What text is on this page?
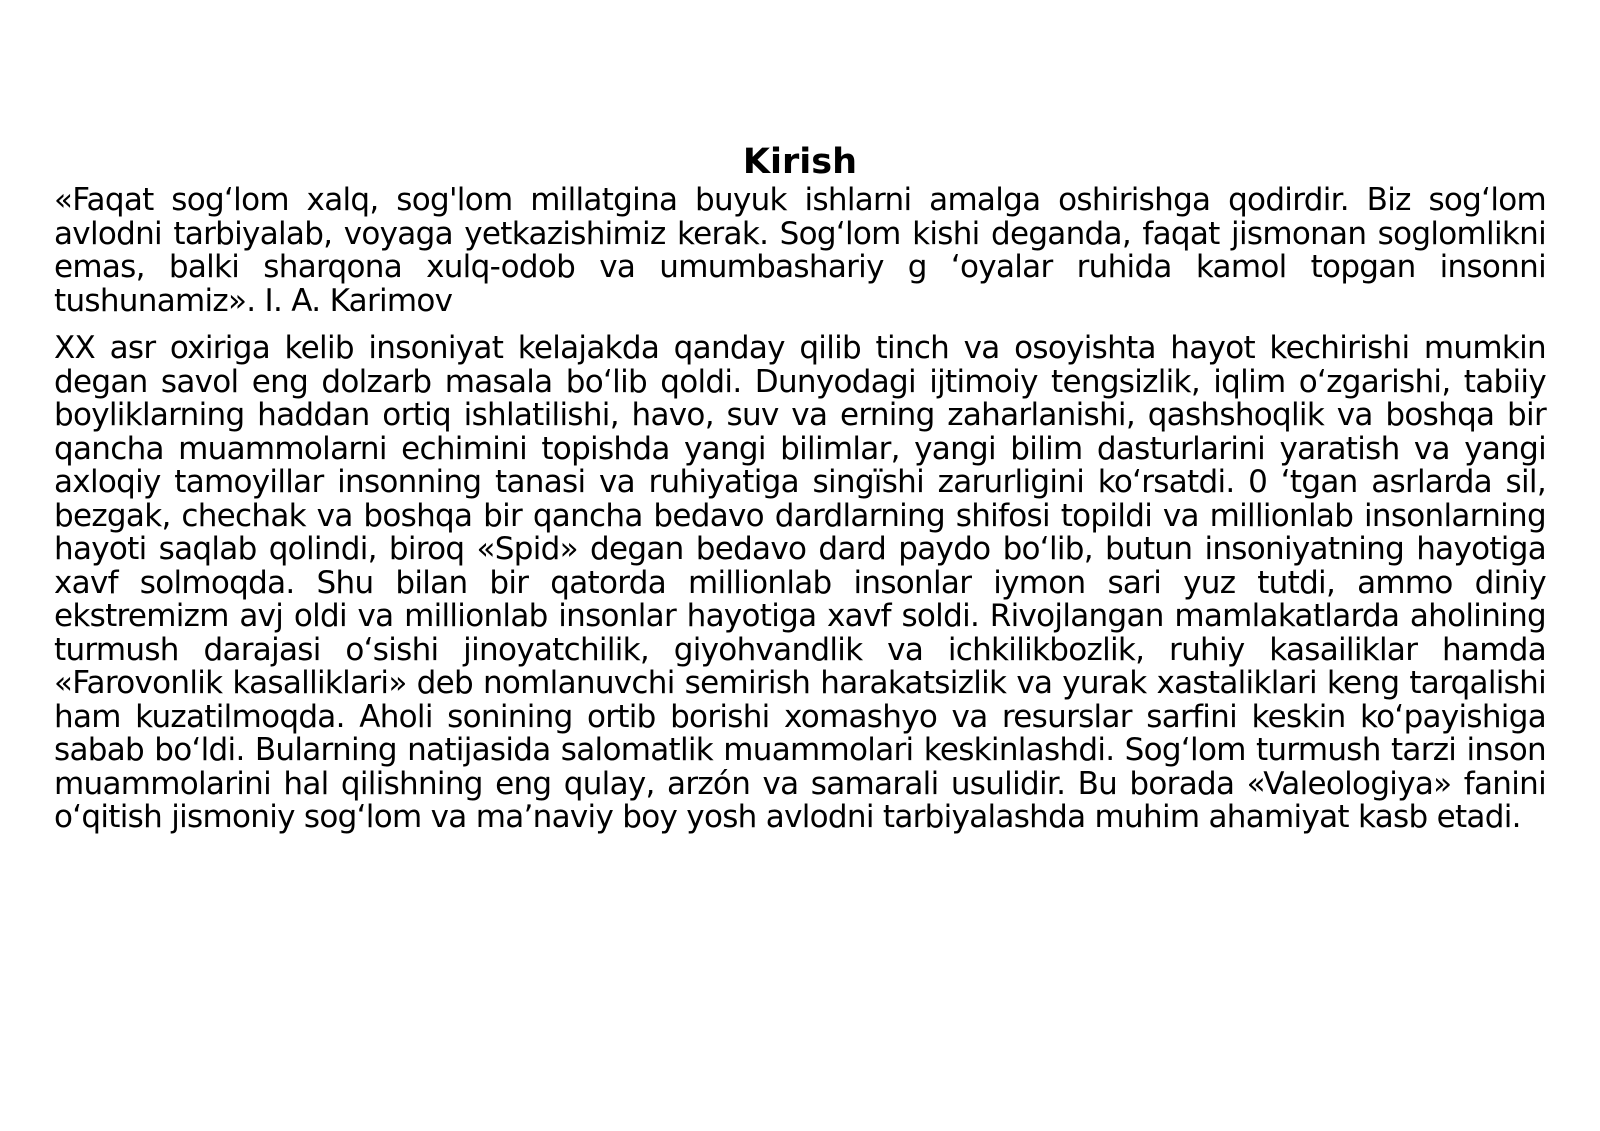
Kirish

«Faqat sog‘lom xalq, sog'lom millatgina buyuk ishlarni amalga oshirishga qodirdir. Biz sog‘lom avlodni tarbiyalab, voyaga yetkazishimiz kerak. Sog‘lom kishi deganda, faqat jismonan soglomlikni emas, balki sharqona xulq-odob va umumbashariy g ‘oyalar ruhida kamol topgan insonni tushunamiz». I. A. Karimov

XX asr oxiriga kelib insoniyat kelajakda qanday qilib tinch va osoyishta hayot kechirishi mumkin degan savol eng dolzarb masala bo‘lib qoldi. Dunyodagi ijtimoiy tengsizlik, iqlim o‘zgarishi, tabiiy boyliklarning haddan ortiq ishlatilishi, havo, suv va erning zaharlanishi, qashshoqlik va boshqa bir qancha muammolarni echimini topishda yangi bilimlar, yangi bilim dasturlarini yaratish va yangi axloqiy tamoyillar insonning tanasi va ruhiyatiga singïshi zarurligini ko‘rsatdi. 0 ‘tgan asrlarda sil, bezgak, chechak va boshqa bir qancha bedavo dardlarning shifosi topildi va millionlab insonlarning hayoti saqlab qolindi, biroq «Spid» degan bedavo dard paydo bo‘lib, butun insoniyatning hayotiga xavf solmoqda. Shu bilan bir qatorda millionlab insonlar iymon sari yuz tutdi, ammo diniy ekstremizm avj oldi va millionlab insonlar hayotiga xavf soldi. Rivojlangan mamlakatlarda aholining turmush darajasi o‘sishi jinoyatchilik, giyohvandlik va ichkilikbozlik, ruhiy kasailiklar hamda «Farovonlik kasalliklari» deb nomlanuvchi semirish harakatsizlik va yurak xastaliklari keng tarqalishi ham kuzatilmoqda. Aholi sonining ortib borishi xomashyo va resurslar sarfini keskin ko‘payishiga sabab bo‘ldi. Bularning natijasida salomatlik muammolari keskinlashdi. Sog‘lom turmush tarzi inson muammolarini hal qilishning eng qulay, arzón va samarali usulidir. Bu borada «Valeologiya» fanini o‘qitish jismoniy sog‘lom va ma’naviy boy yosh avlodni tarbiyalashda muhim ahamiyat kasb etadi.
